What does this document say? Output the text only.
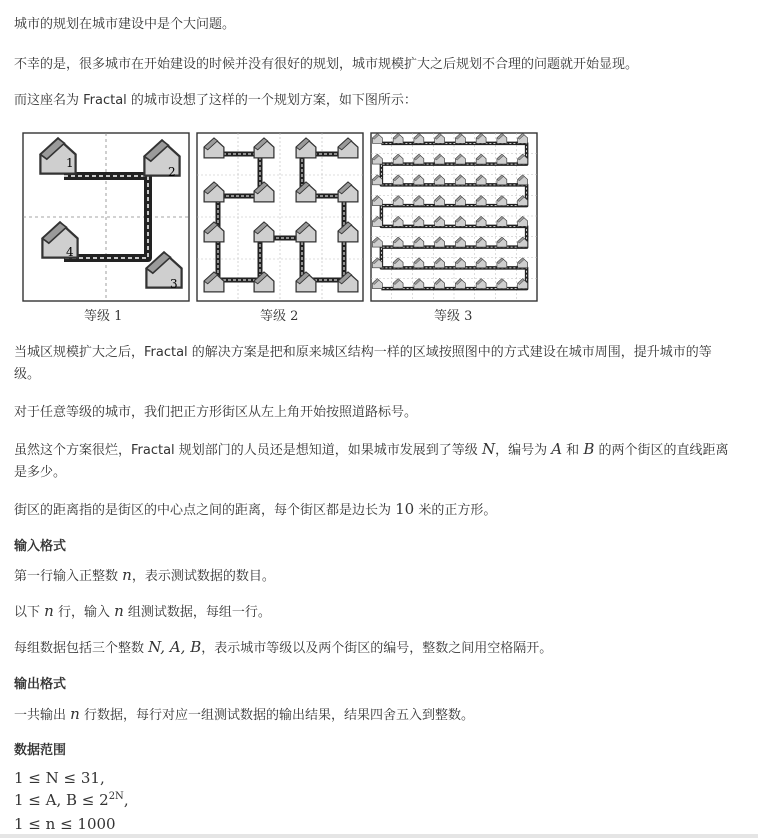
城市的规划在城市建设中是个大问题。

不幸的是，很多城市在开始建设的时候并没有很好的规划，城市规模扩大之后规划不合理的问题就开始显现。

而这座名为 Fractal 的城市设想了这样的一个规划方案，如下图所示：

当城区规模扩大之后，Fractal 的解决方案是把和原来城区结构一样的区域按照图中的方式建设在城市周围，提升城市的等级。

对于任意等级的城市，我们把正方形街区从左上角开始按照道路标号。

虽然这个方案很烂，Fractal 规划部门的人员还是想知道，如果城市发展到了等级 N，编号为 A 和 B 的两个街区的直线距离是多少。

街区的距离指的是街区的中心点之间的距离，每个街区都是边长为 10 米的正方形。

输入格式

第一行输入正整数 n，表示测试数据的数目。

以下 n 行，输入 n 组测试数据，每组一行。

每组数据包括三个整数 N, A, B，表示城市等级以及两个街区的编号，整数之间用空格隔开。

输出格式

一共输出 n 行数据，每行对应一组测试数据的输出结果，结果四舍五入到整数。

数据范围

1 ≤ N ≤ 31,

1 ≤ A, $B \le 2^{2N}$,

1 ≤ n ≤ 1000

1
2
3
4
等级 1	等级 2	等级 3
